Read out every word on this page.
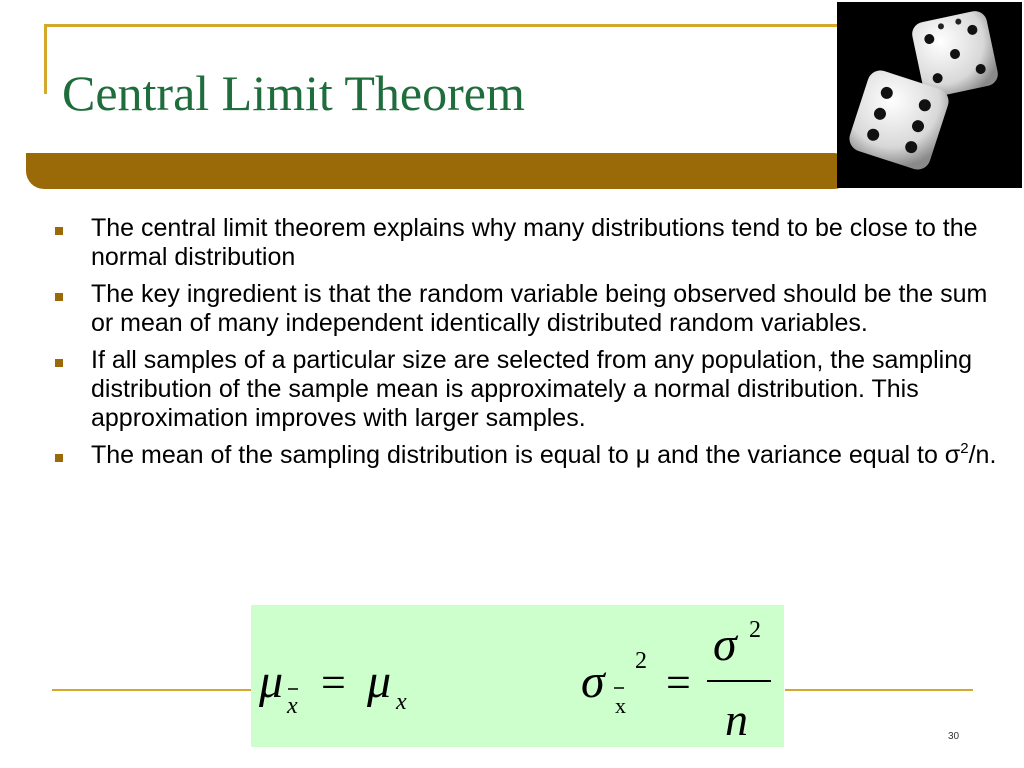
Central Limit Theorem
The central limit theorem explains why many distributions tend to be close to the normal distribution
The key ingredient is that the random variable being observed should be the sum or mean of many independent identically distributed random variables.
If all samples of a particular size are selected from any population, the sampling distribution of the sample mean is approximately a normal distribution. This approximation improves with larger samples.
The mean of the sampling distribution is equal to μ and the variance equal to $\sigma^2/n$.
μ x = μ x	σ x
2 =
σ 2
n	30
